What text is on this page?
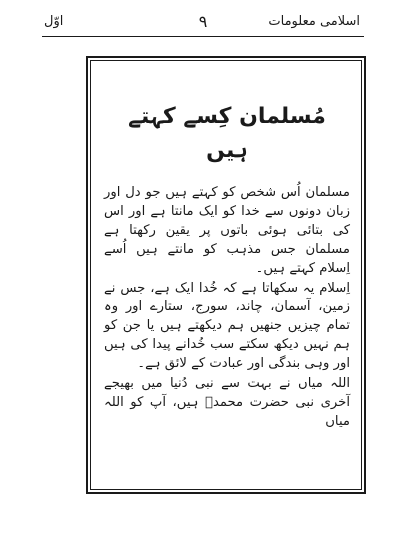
اسلامی معلومات
۹
اوّل
مُسلمان کِسے کہتے ہیں

مسلمان اُس شخص کو کہتے ہیں جو دل اور زبان دونوں سے خدا کو ایک مانتا ہے اور اس کی بتائی ہوئی باتوں پر یقین رکھتا ہے مسلمان جس مذہب کو مانتے ہیں اُسے اِسلام کہتے ہیں۔

اِسلام یہ سکھاتا ہے کہ خُدا ایک ہے، جس نے زمین، آسمان، چاند، سورج، ستارے اور وہ تمام چیزیں جنھیں ہم دیکھتے ہیں یا جن کو ہم نہیں دیکھ سکتے سب خُدانے پیدا کی ہیں اور وہی بندگی اور عبادت کے لائق ہے۔

اللہ میاں نے بہت سے نبی دُنیا میں بھیجے آخری نبی حضرت محمدؐ ہیں، آپ کو اللہ میاں
